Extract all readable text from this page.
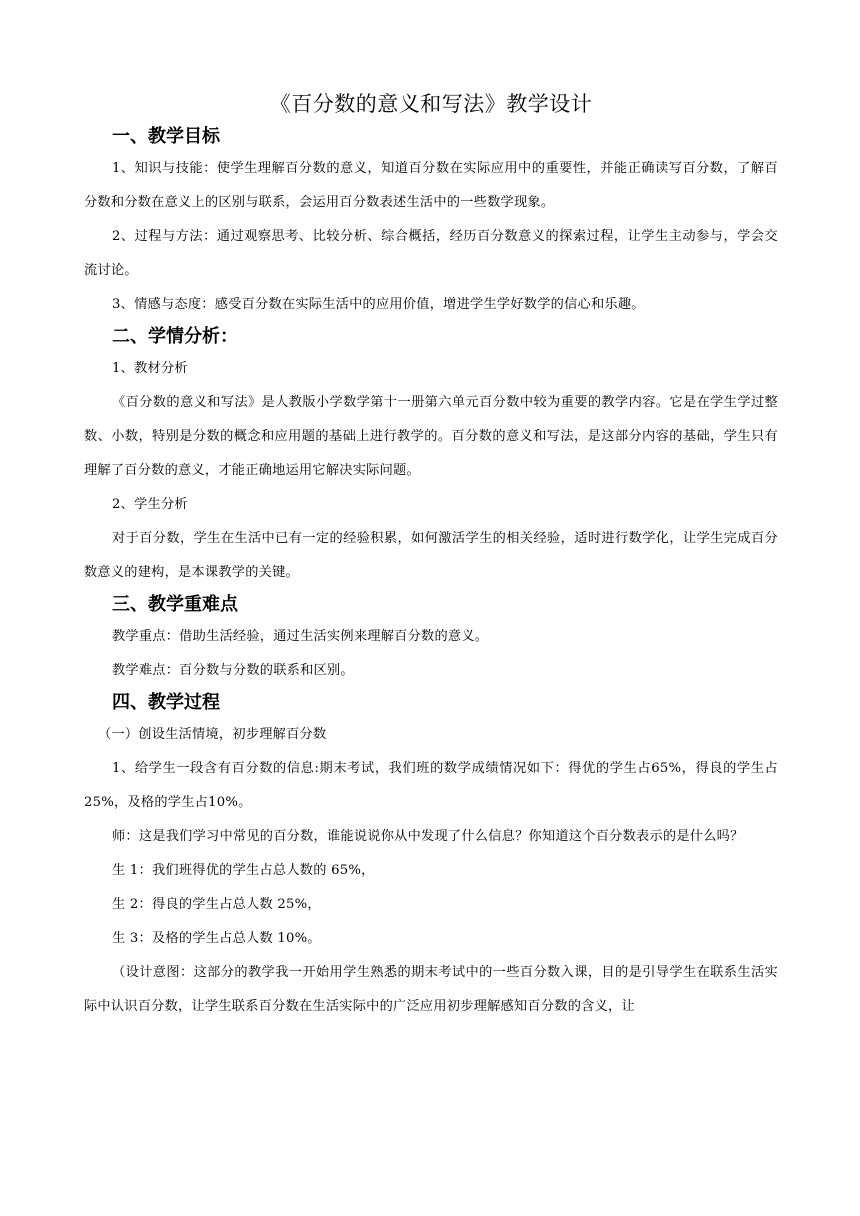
《百分数的意义和写法》教学设计
一、教学目标

1、知识与技能：使学生理解百分数的意义，知道百分数在实际应用中的重要性，并能正确读写百分数，了解百分数和分数在意义上的区别与联系，会运用百分数表述生活中的一些数学现象。

2、过程与方法：通过观察思考、比较分析、综合概括，经历百分数意义的探索过程，让学生主动参与，学会交流讨论。

3、情感与态度：感受百分数在实际生活中的应用价值，增进学生学好数学的信心和乐趣。

二、学情分析：

1、教材分析

《百分数的意义和写法》是人教版小学数学第十一册第六单元百分数中较为重要的教学内容。它是在学生学过整数、小数，特别是分数的概念和应用题的基础上进行教学的。百分数的意义和写法，是这部分内容的基础，学生只有理解了百分数的意义，才能正确地运用它解决实际问题。

2、学生分析

对于百分数，学生在生活中已有一定的经验积累，如何激活学生的相关经验，适时进行数学化，让学生完成百分数意义的建构，是本课教学的关键。

三、教学重难点

教学重点：借助生活经验，通过生活实例来理解百分数的意义。

教学难点：百分数与分数的联系和区别。

四、教学过程

（一）创设生活情境，初步理解百分数

1、给学生一段含有百分数的信息:期末考试，我们班的数学成绩情况如下：得优的学生占65%，得良的学生占25%，及格的学生占10%。

师：这是我们学习中常见的百分数，谁能说说你从中发现了什么信息？你知道这个百分数表示的是什么吗？

生 1：我们班得优的学生占总人数的 65%，

生 2：得良的学生占总人数 25%，

生 3：及格的学生占总人数 10%。

（设计意图：这部分的教学我一开始用学生熟悉的期末考试中的一些百分数入课，目的是引导学生在联系生活实际中认识百分数，让学生联系百分数在生活实际中的广泛应用初步理解感知百分数的含义，让
